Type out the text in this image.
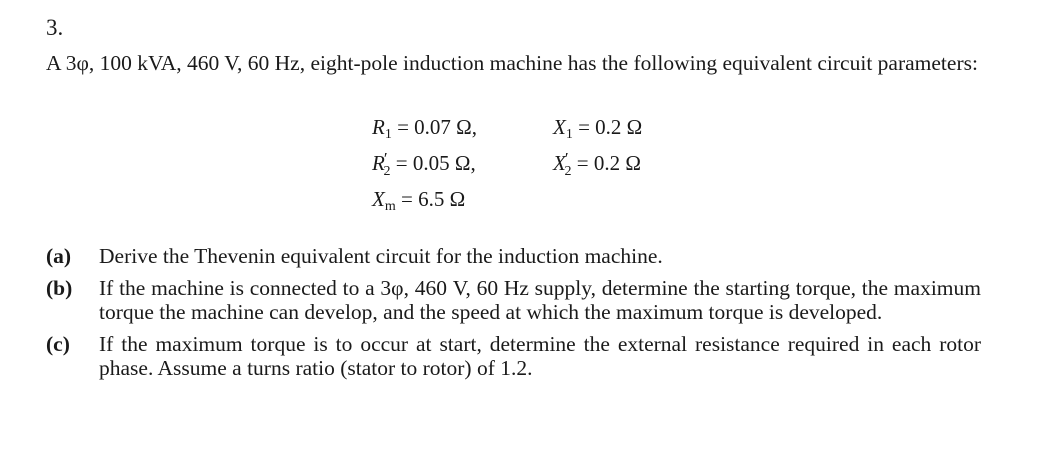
3.
A 3φ, 100 kVA, 460 V, 60 Hz, eight-pole induction machine has the following equivalent circuit parameters:
$R_1 = 0.07$ Ω,	$X_1 = 0.2$ Ω
$R'_2 = 0.05$ Ω,	$X'_2 = 0.2$ Ω
$X_m = 6.5$ Ω
(a) Derive the Thevenin equivalent circuit for the induction machine.
(b) If the machine is connected to a 3φ, 460 V, 60 Hz supply, determine the starting torque, the maximum torque the machine can develop, and the speed at which the maximum torque is developed.
(c) If the maximum torque is to occur at start, determine the external resistance required in each rotor phase. Assume a turns ratio (stator to rotor) of 1.2.
